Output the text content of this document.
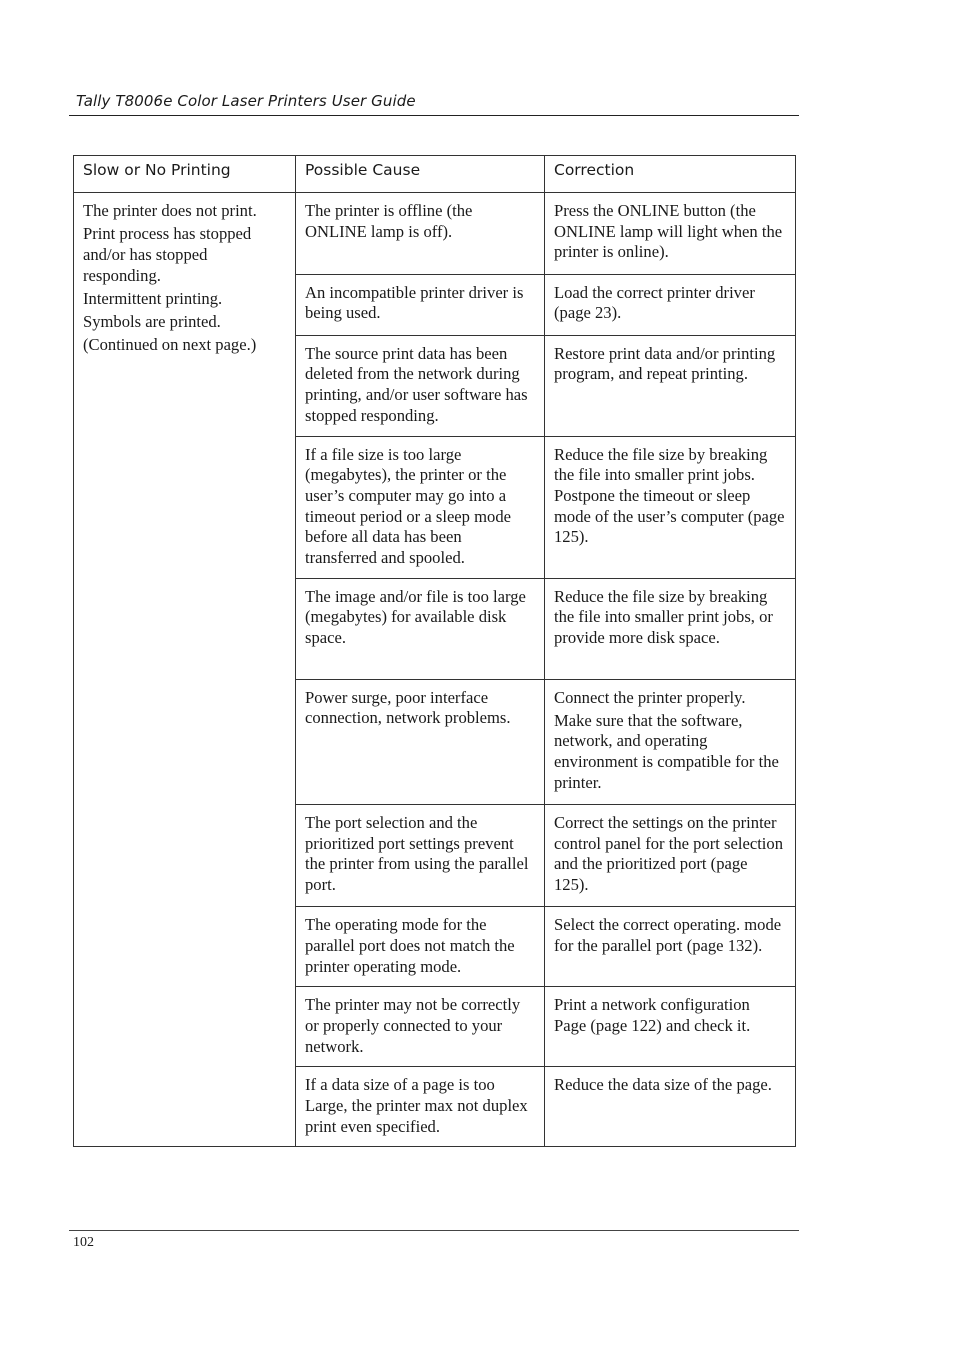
Tally T8006e Color Laser Printers User Guide
Slow or No Printing	Possible Cause	Correction

The printer does not print.
Print process has stopped and/or has stopped responding.
Intermittent printing.
Symbols are printed.
(Continued on next page.)	The printer is offline (the ONLINE lamp is off).	Press the ONLINE button (the ONLINE lamp will light when the printer is online).

	An incompatible printer driver is being used.	Load the correct printer driver (page 23).

	The source print data has been deleted from the network during printing, and/or user software has stopped responding.	Restore print data and/or printing program, and repeat printing.

	If a file size is too large (megabytes), the printer or the user’s computer may go into a timeout period or a sleep mode before all data has been transferred and spooled.	Reduce the file size by breaking the file into smaller print jobs. Postpone the timeout or sleep mode of the user’s computer (page 125).

	The image and/or file is too large (megabytes) for available disk space.	Reduce the file size by breaking the file into smaller print jobs, or provide more disk space.

	Power surge, poor interface connection, network problems.	Connect the printer properly.
Make sure that the software, network, and operating environment is compatible for the printer.

	The port selection and the prioritized port settings prevent the printer from using the parallel port.	Correct the settings on the printer control panel for the port selection and the prioritized port (page 125).

	The operating mode for the parallel port does not match the printer operating mode.	Select the correct operating. mode for the parallel port (page 132).

	The printer may not be correctly or properly connected to your network.	Print a network configuration Page (page 122) and check it.

	If a data size of a page is too Large, the printer max not duplex print even specified.	Reduce the data size of the page.
102
